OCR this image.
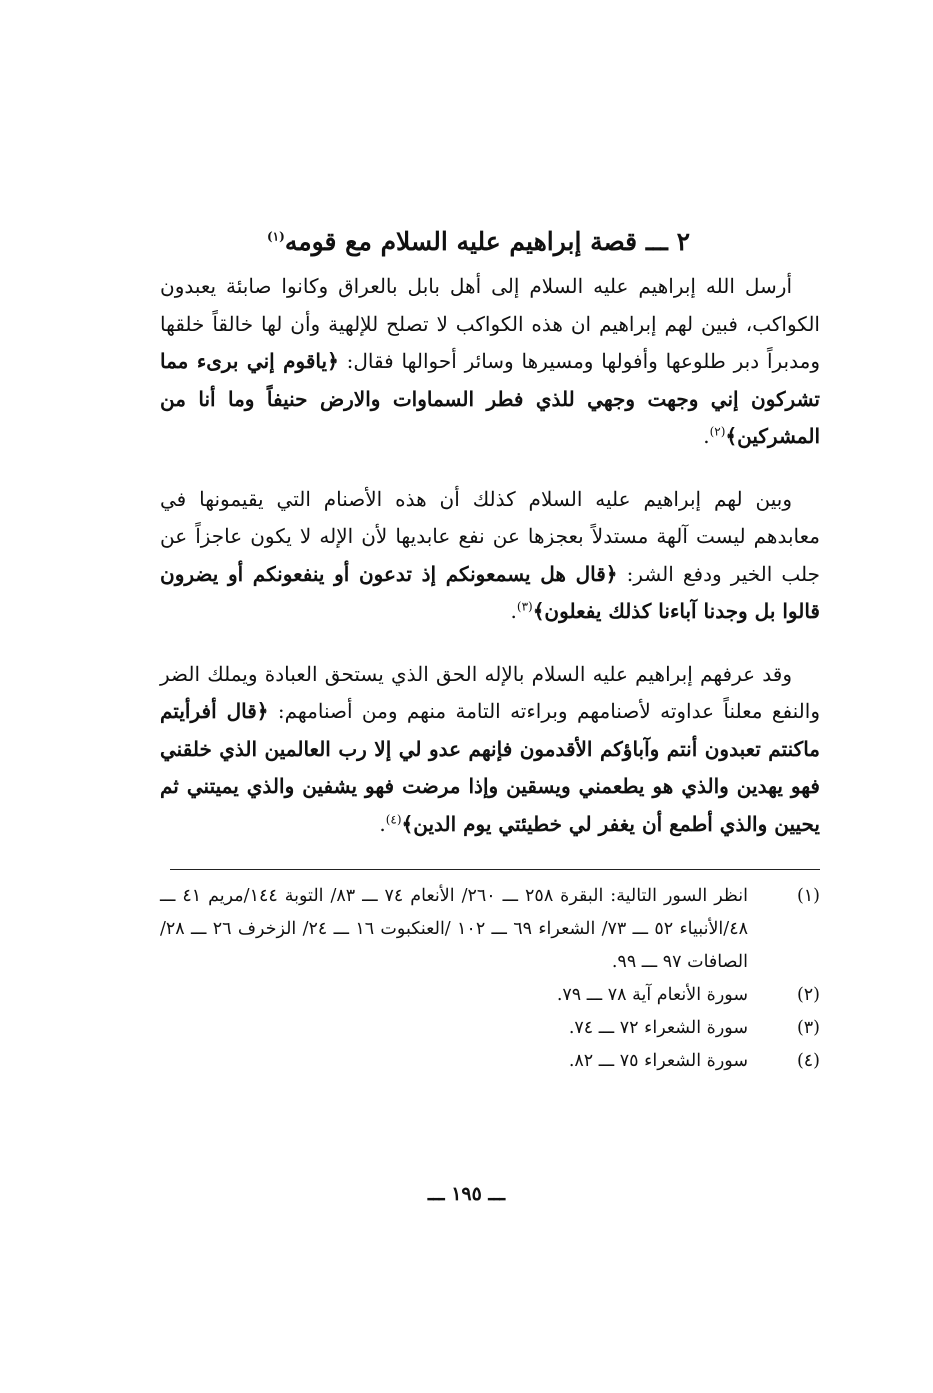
٢ ـــ قصة إبراهيم عليه السلام مع قومه$^{(١)}$

أرسل الله إبراهيم عليه السلام إلى أهل بابل بالعراق وكانوا صابئة يعبدون الكواكب، فبين لهم إبراهيم ان هذه الكواكب لا تصلح للإلهية وأن لها خالقاً خلقها ومدبراً دبر طلوعها وأفولها ومسيرها وسائر أحوالها فقال: ﴿ياقوم إني برىء مما تشركون إني وجهت وجهي للذي فطر السماوات والارض حنيفاً وما أنا من المشركين﴾$^{(٢)}$.

وبين لهم إبراهيم عليه السلام كذلك أن هذه الأصنام التي يقيمونها في معابدهم ليست آلهة مستدلاً بعجزها عن نفع عابديها لأن الإله لا يكون عاجزاً عن جلب الخير ودفع الشر: ﴿قال هل يسمعونكم إذ تدعون أو ينفعونكم أو يضرون قالوا بل وجدنا آباءنا كذلك يفعلون﴾$^{(٣)}$.

وقد عرفهم إبراهيم عليه السلام بالإله الحق الذي يستحق العبادة ويملك الضر والنفع معلناً عداوته لأصنامهم وبراءته التامة منهم ومن أصنامهم: ﴿قال أفرأيتم ماكنتم تعبدون أنتم وآباؤكم الأقدمون فإنهم عدو لي إلا رب العالمين الذي خلقني فهو يهدين والذي هو يطعمني ويسقين وإذا مرضت فهو يشفين والذي يميتني ثم يحيين والذي أطمع أن يغفر لي خطيئتي يوم الدين﴾$^{(٤)}$.

(١)
انظر السور التالية: البقرة ٢٥٨ ـــ ٢٦٠/ الأنعام ٧٤ ـــ ٨٣/ التوبة ١٤٤/مريم ٤١ ـــ ٤٨/الأنبياء ٥٢ ـــ ٧٣/ الشعراء ٦٩ ـــ ١٠٢ /العنكبوت ١٦ ـــ ٢٤/ الزخرف ٢٦ ـــ ٢٨/ الصافات ٩٧ ـــ ٩٩.
(٢)
سورة الأنعام آية ٧٨ ـــ ٧٩.
(٣)
سورة الشعراء ٧٢ ـــ ٧٤.
(٤)
سورة الشعراء ٧٥ ـــ ٨٢.
ـــ ١٩٥ ـــ
